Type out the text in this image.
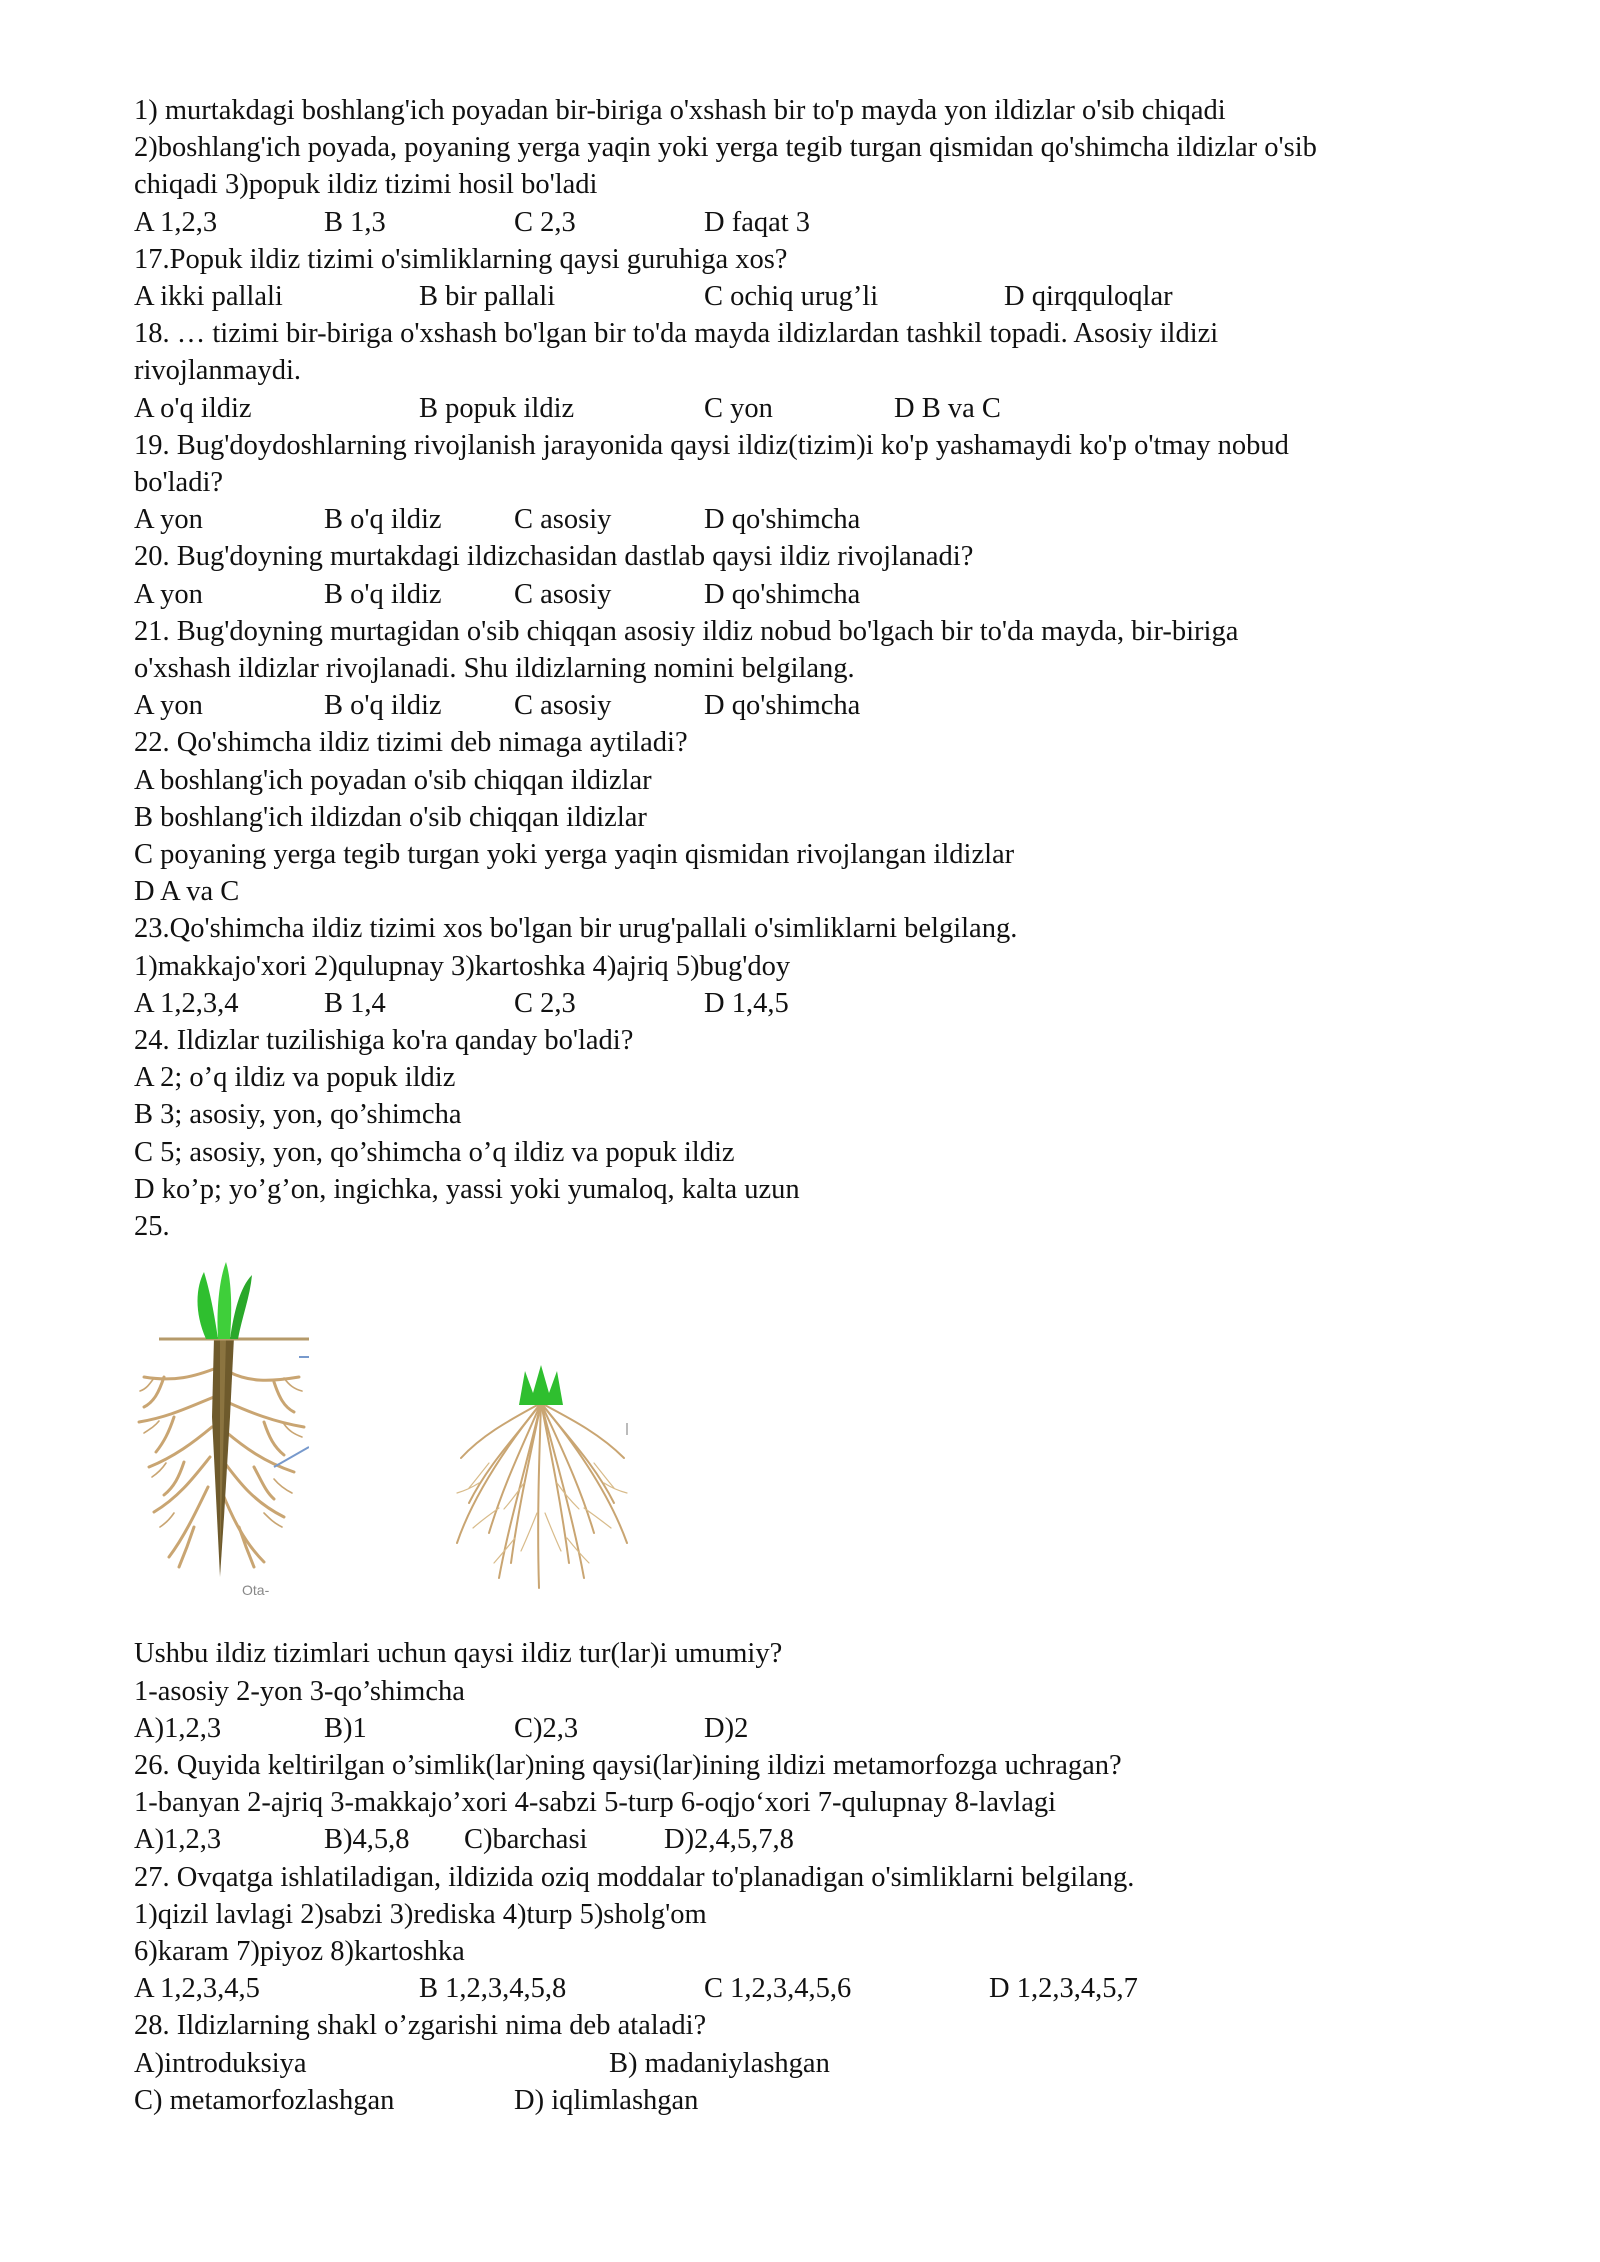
1) murtakdagi boshlang'ich poyadan bir-biriga o'xshash bir to'p mayda yon ildizlar o'sib chiqadi
2)boshlang'ich poyada, poyaning yerga yaqin yoki yerga tegib turgan qismidan qo'shimcha ildizlar o'sib
chiqadi 3)popuk ildiz tizimi hosil bo'ladi
A 1,2,3	B 1,3	C 2,3	D faqat 3
17.Popuk ildiz tizimi o'simliklarning qaysi guruhiga xos?
A ikki pallali	B bir pallali	C ochiq urug’li	D qirqquloqlar
18. … tizimi bir-biriga o'xshash bo'lgan bir to'da mayda ildizlardan tashkil topadi. Asosiy ildizi
rivojlanmaydi.
A o'q ildiz	B popuk ildiz	C yon	D B va C
19. Bug'doydoshlarning rivojlanish jarayonida qaysi ildiz(tizim)i ko'p yashamaydi ko'p o'tmay nobud
bo'ladi?
A yon	B o'q ildiz	C asosiy	D qo'shimcha
20. Bug'doyning murtakdagi ildizchasidan dastlab qaysi ildiz rivojlanadi?
A yon	B o'q ildiz	C asosiy	D qo'shimcha
21. Bug'doyning murtagidan o'sib chiqqan asosiy ildiz nobud bo'lgach bir to'da mayda, bir-biriga
o'xshash ildizlar rivojlanadi. Shu ildizlarning nomini belgilang.
A yon	B o'q ildiz	C asosiy	D qo'shimcha
22. Qo'shimcha ildiz tizimi deb nimaga aytiladi?
A boshlang'ich poyadan o'sib chiqqan ildizlar
B boshlang'ich ildizdan o'sib chiqqan ildizlar
C poyaning yerga tegib turgan yoki yerga yaqin qismidan rivojlangan ildizlar
D A va C
23.Qo'shimcha ildiz tizimi xos bo'lgan bir urug'pallali o'simliklarni belgilang.
1)makkajo'xori 2)qulupnay 3)kartoshka 4)ajriq 5)bug'doy
A 1,2,3,4	B 1,4	C 2,3	D 1,4,5
24. Ildizlar tuzilishiga ko'ra qanday bo'ladi?
A 2; o’q ildiz va popuk ildiz
B 3; asosiy, yon, qo’shimcha
C 5; asosiy, yon, qo’shimcha o’q ildiz va popuk ildiz
D ko’p; yo’g’on, ingichka, yassi yoki yumaloq, kalta uzun
25.
Ota-
Ushbu ildiz tizimlari uchun qaysi ildiz tur(lar)i umumiy?
1-asosiy 2-yon 3-qo’shimcha
A)1,2,3	B)1	C)2,3	D)2
26. Quyida keltirilgan o’simlik(lar)ning qaysi(lar)ining ildizi metamorfozga uchragan?
1-banyan 2-ajriq 3-makkajo’xori 4-sabzi 5-turp 6-oqjo‘xori 7-qulupnay 8-lavlagi
A)1,2,3	B)4,5,8	C)barchasi	D)2,4,5,7,8
27. Ovqatga ishlatiladigan, ildizida oziq moddalar to'planadigan o'simliklarni belgilang.
1)qizil lavlagi 2)sabzi 3)rediska 4)turp 5)sholg'om
6)karam 7)piyoz 8)kartoshka
A 1,2,3,4,5	B 1,2,3,4,5,8	C 1,2,3,4,5,6	D 1,2,3,4,5,7
28. Ildizlarning shakl o’zgarishi nima deb ataladi?
A)introduksiya	B) madaniylashgan
C) metamorfozlashgan	D) iqlimlashgan
